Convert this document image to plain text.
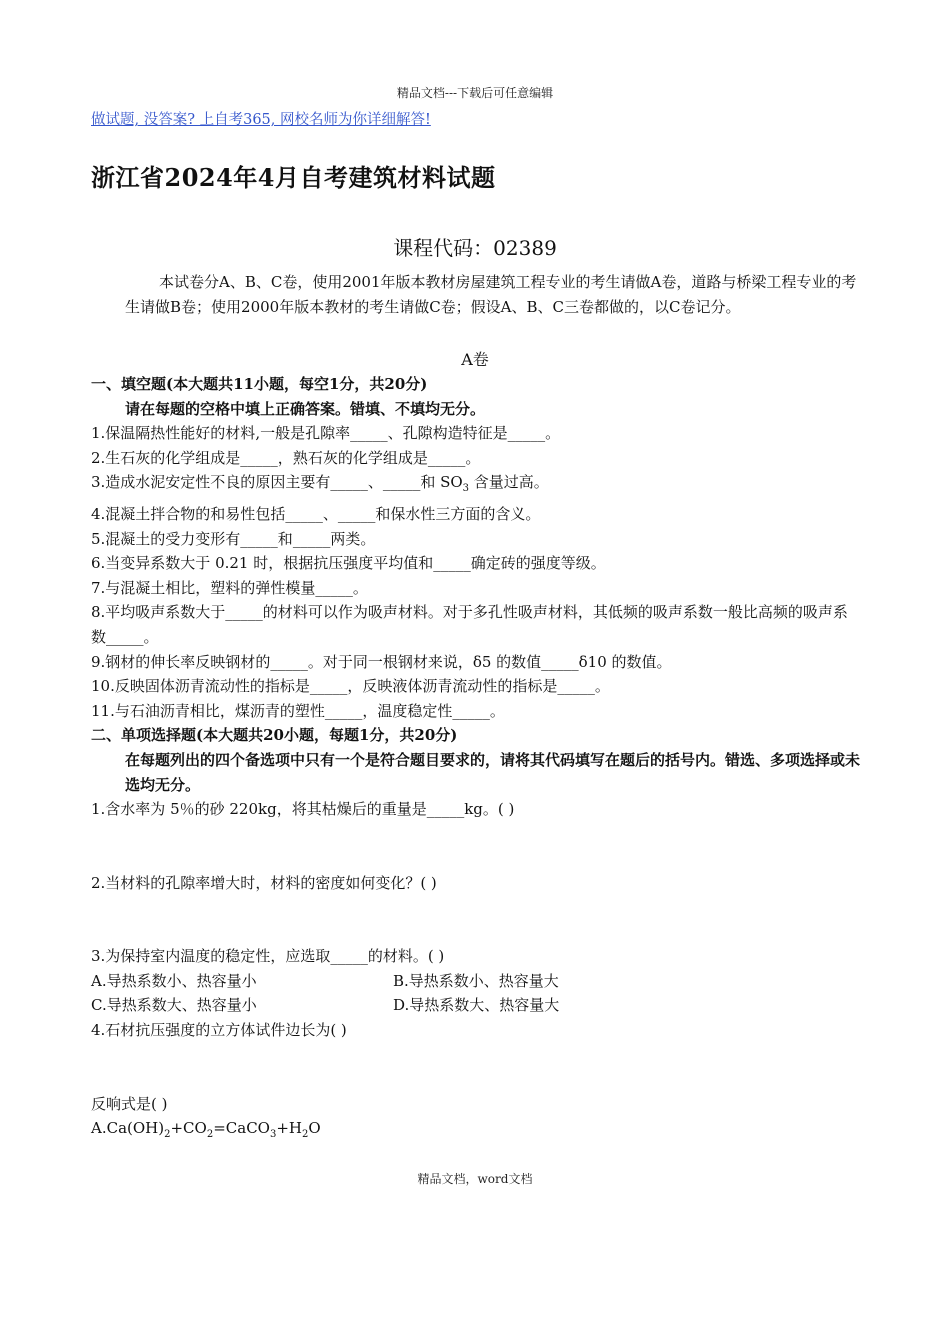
精品文档---下载后可任意编辑
做试题, 没答案? 上自考365, 网校名师为你详细解答!
浙江省2024年4月自考建筑材料试题
课程代码：02389
本试卷分A、B、C卷，使用2001年版本教材房屋建筑工程专业的考生请做A卷，道路与桥梁工程专业的考生请做B卷；使用2000年版本教材的考生请做C卷；假设A、B、C三卷都做的，以C卷记分。
A卷
一、填空题(本大题共11小题，每空1分，共20分)
请在每题的空格中填上正确答案。错填、不填均无分。
1.保温隔热性能好的材料,一般是孔隙率_____、孔隙构造特征是_____。
2.生石灰的化学组成是_____，熟石灰的化学组成是_____。
3.造成水泥安定性不良的原因主要有_____、_____和 $SO_3$ 含量过高。
4.混凝土拌合物的和易性包括_____、_____和保水性三方面的含义。
5.混凝土的受力变形有_____和_____两类。
6.当变异系数大于 0.21 时，根据抗压强度平均值和_____确定砖的强度等级。
7.与混凝土相比，塑料的弹性模量_____。
8.平均吸声系数大于_____的材料可以作为吸声材料。对于多孔性吸声材料，其低频的吸声系数一般比高频的吸声系数_____。
9.钢材的伸长率反映钢材的_____。对于同一根钢材来说，δ5 的数值_____δ10 的数值。
10.反映固体沥青流动性的指标是_____，反映液体沥青流动性的指标是_____。
11.与石油沥青相比，煤沥青的塑性_____，温度稳定性_____。
二、单项选择题(本大题共20小题，每题1分，共20分)
在每题列出的四个备选项中只有一个是符合题目要求的，请将其代码填写在题后的括号内。错选、多项选择或未选均无分。
1.含水率为 5％的砂 220kg，将其枯燥后的重量是_____kg。( )
2.当材料的孔隙率增大时，材料的密度如何变化？( )
3.为保持室内温度的稳定性，应选取_____的材料。( )
A.导热系数小、热容量小	B.导热系数小、热容量大
C.导热系数大、热容量小	D.导热系数大、热容量大
4.石材抗压强度的立方体试件边长为( )
反响式是( )
$A.Ca(OH)_2+CO_2=CaCO_3+H_2O$
精品文档，word文档
